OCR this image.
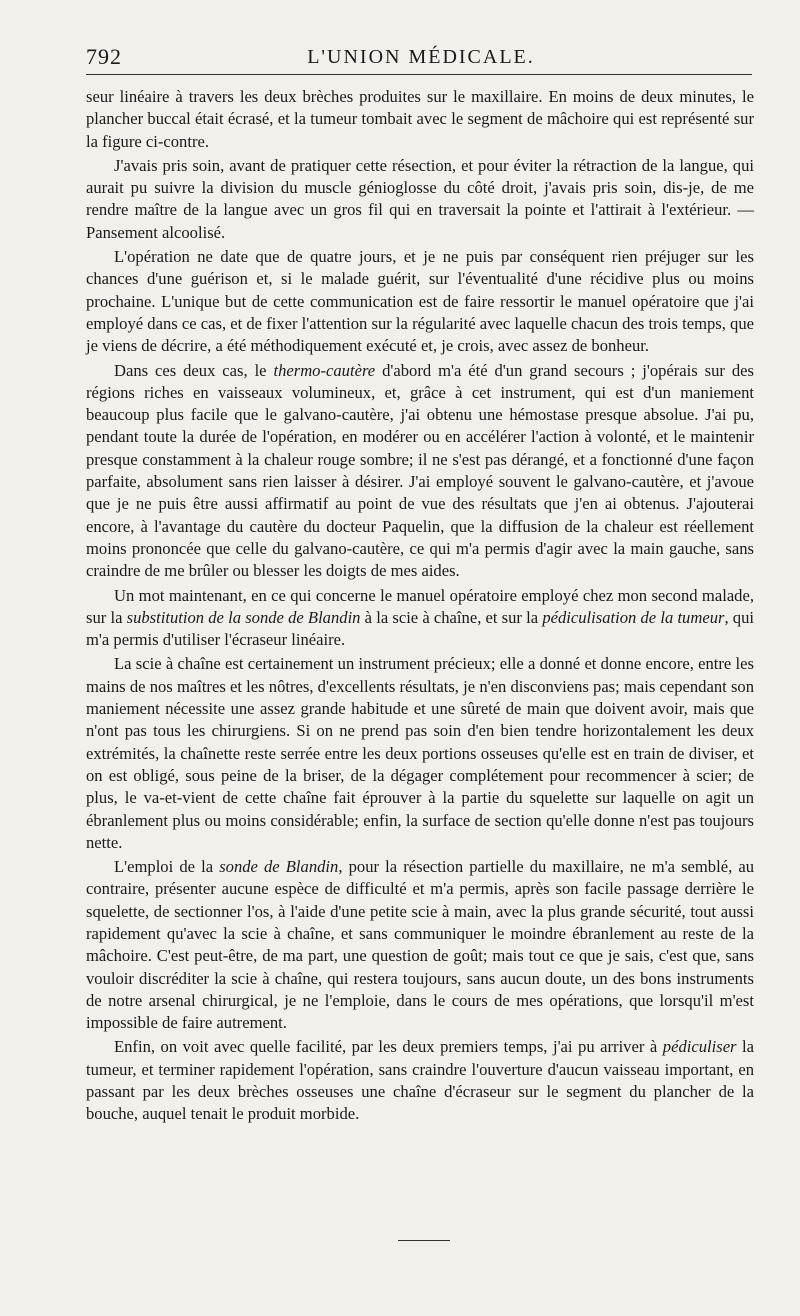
792	L'UNION MÉDICALE.

seur linéaire à travers les deux brèches produites sur le maxillaire. En moins de deux minutes, le plancher buccal était écrasé, et la tumeur tombait avec le segment de mâchoire qui est représenté sur la figure ci-contre.

J'avais pris soin, avant de pratiquer cette résection, et pour éviter la rétraction de la langue, qui aurait pu suivre la division du muscle génioglosse du côté droit, j'avais pris soin, dis-je, de me rendre maître de la langue avec un gros fil qui en traversait la pointe et l'attirait à l'extérieur. — Pansement alcoolisé.

L'opération ne date que de quatre jours, et je ne puis par conséquent rien préjuger sur les chances d'une guérison et, si le malade guérit, sur l'éventualité d'une récidive plus ou moins prochaine. L'unique but de cette communication est de faire ressortir le manuel opératoire que j'ai employé dans ce cas, et de fixer l'attention sur la régularité avec laquelle chacun des trois temps, que je viens de décrire, a été méthodiquement exécuté et, je crois, avec assez de bonheur.

Dans ces deux cas, le thermo-cautère d'abord m'a été d'un grand secours ; j'opérais sur des régions riches en vaisseaux volumineux, et, grâce à cet instrument, qui est d'un maniement beaucoup plus facile que le galvano-cautère, j'ai obtenu une hémostase presque absolue. J'ai pu, pendant toute la durée de l'opération, en modérer ou en accélérer l'action à volonté, et le maintenir presque constamment à la chaleur rouge sombre; il ne s'est pas dérangé, et a fonctionné d'une façon parfaite, absolument sans rien laisser à désirer. J'ai employé souvent le galvano-cautère, et j'avoue que je ne puis être aussi affirmatif au point de vue des résultats que j'en ai obtenus. J'ajouterai encore, à l'avantage du cautère du docteur Paquelin, que la diffusion de la chaleur est réellement moins prononcée que celle du galvano-cautère, ce qui m'a permis d'agir avec la main gauche, sans craindre de me brûler ou blesser les doigts de mes aides.

Un mot maintenant, en ce qui concerne le manuel opératoire employé chez mon second malade, sur la substitution de la sonde de Blandin à la scie à chaîne, et sur la pédiculisation de la tumeur, qui m'a permis d'utiliser l'écraseur linéaire.

La scie à chaîne est certainement un instrument précieux; elle a donné et donne encore, entre les mains de nos maîtres et les nôtres, d'excellents résultats, je n'en disconviens pas; mais cependant son maniement nécessite une assez grande habitude et une sûreté de main que doivent avoir, mais que n'ont pas tous les chirurgiens. Si on ne prend pas soin d'en bien tendre horizontalement les deux extrémités, la chaînette reste serrée entre les deux portions osseuses qu'elle est en train de diviser, et on est obligé, sous peine de la briser, de la dégager complétement pour recommencer à scier; de plus, le va-et-vient de cette chaîne fait éprouver à la partie du squelette sur laquelle on agit un ébranlement plus ou moins considérable; enfin, la surface de section qu'elle donne n'est pas toujours nette.

L'emploi de la sonde de Blandin, pour la résection partielle du maxillaire, ne m'a semblé, au contraire, présenter aucune espèce de difficulté et m'a permis, après son facile passage derrière le squelette, de sectionner l'os, à l'aide d'une petite scie à main, avec la plus grande sécurité, tout aussi rapidement qu'avec la scie à chaîne, et sans communiquer le moindre ébranlement au reste de la mâchoire. C'est peut-être, de ma part, une question de goût; mais tout ce que je sais, c'est que, sans vouloir discréditer la scie à chaîne, qui restera toujours, sans aucun doute, un des bons instruments de notre arsenal chirurgical, je ne l'emploie, dans le cours de mes opérations, que lorsqu'il m'est impossible de faire autrement.

Enfin, on voit avec quelle facilité, par les deux premiers temps, j'ai pu arriver à pédiculiser la tumeur, et terminer rapidement l'opération, sans craindre l'ouverture d'aucun vaisseau important, en passant par les deux brèches osseuses une chaîne d'écraseur sur le segment du plancher de la bouche, auquel tenait le produit morbide.
